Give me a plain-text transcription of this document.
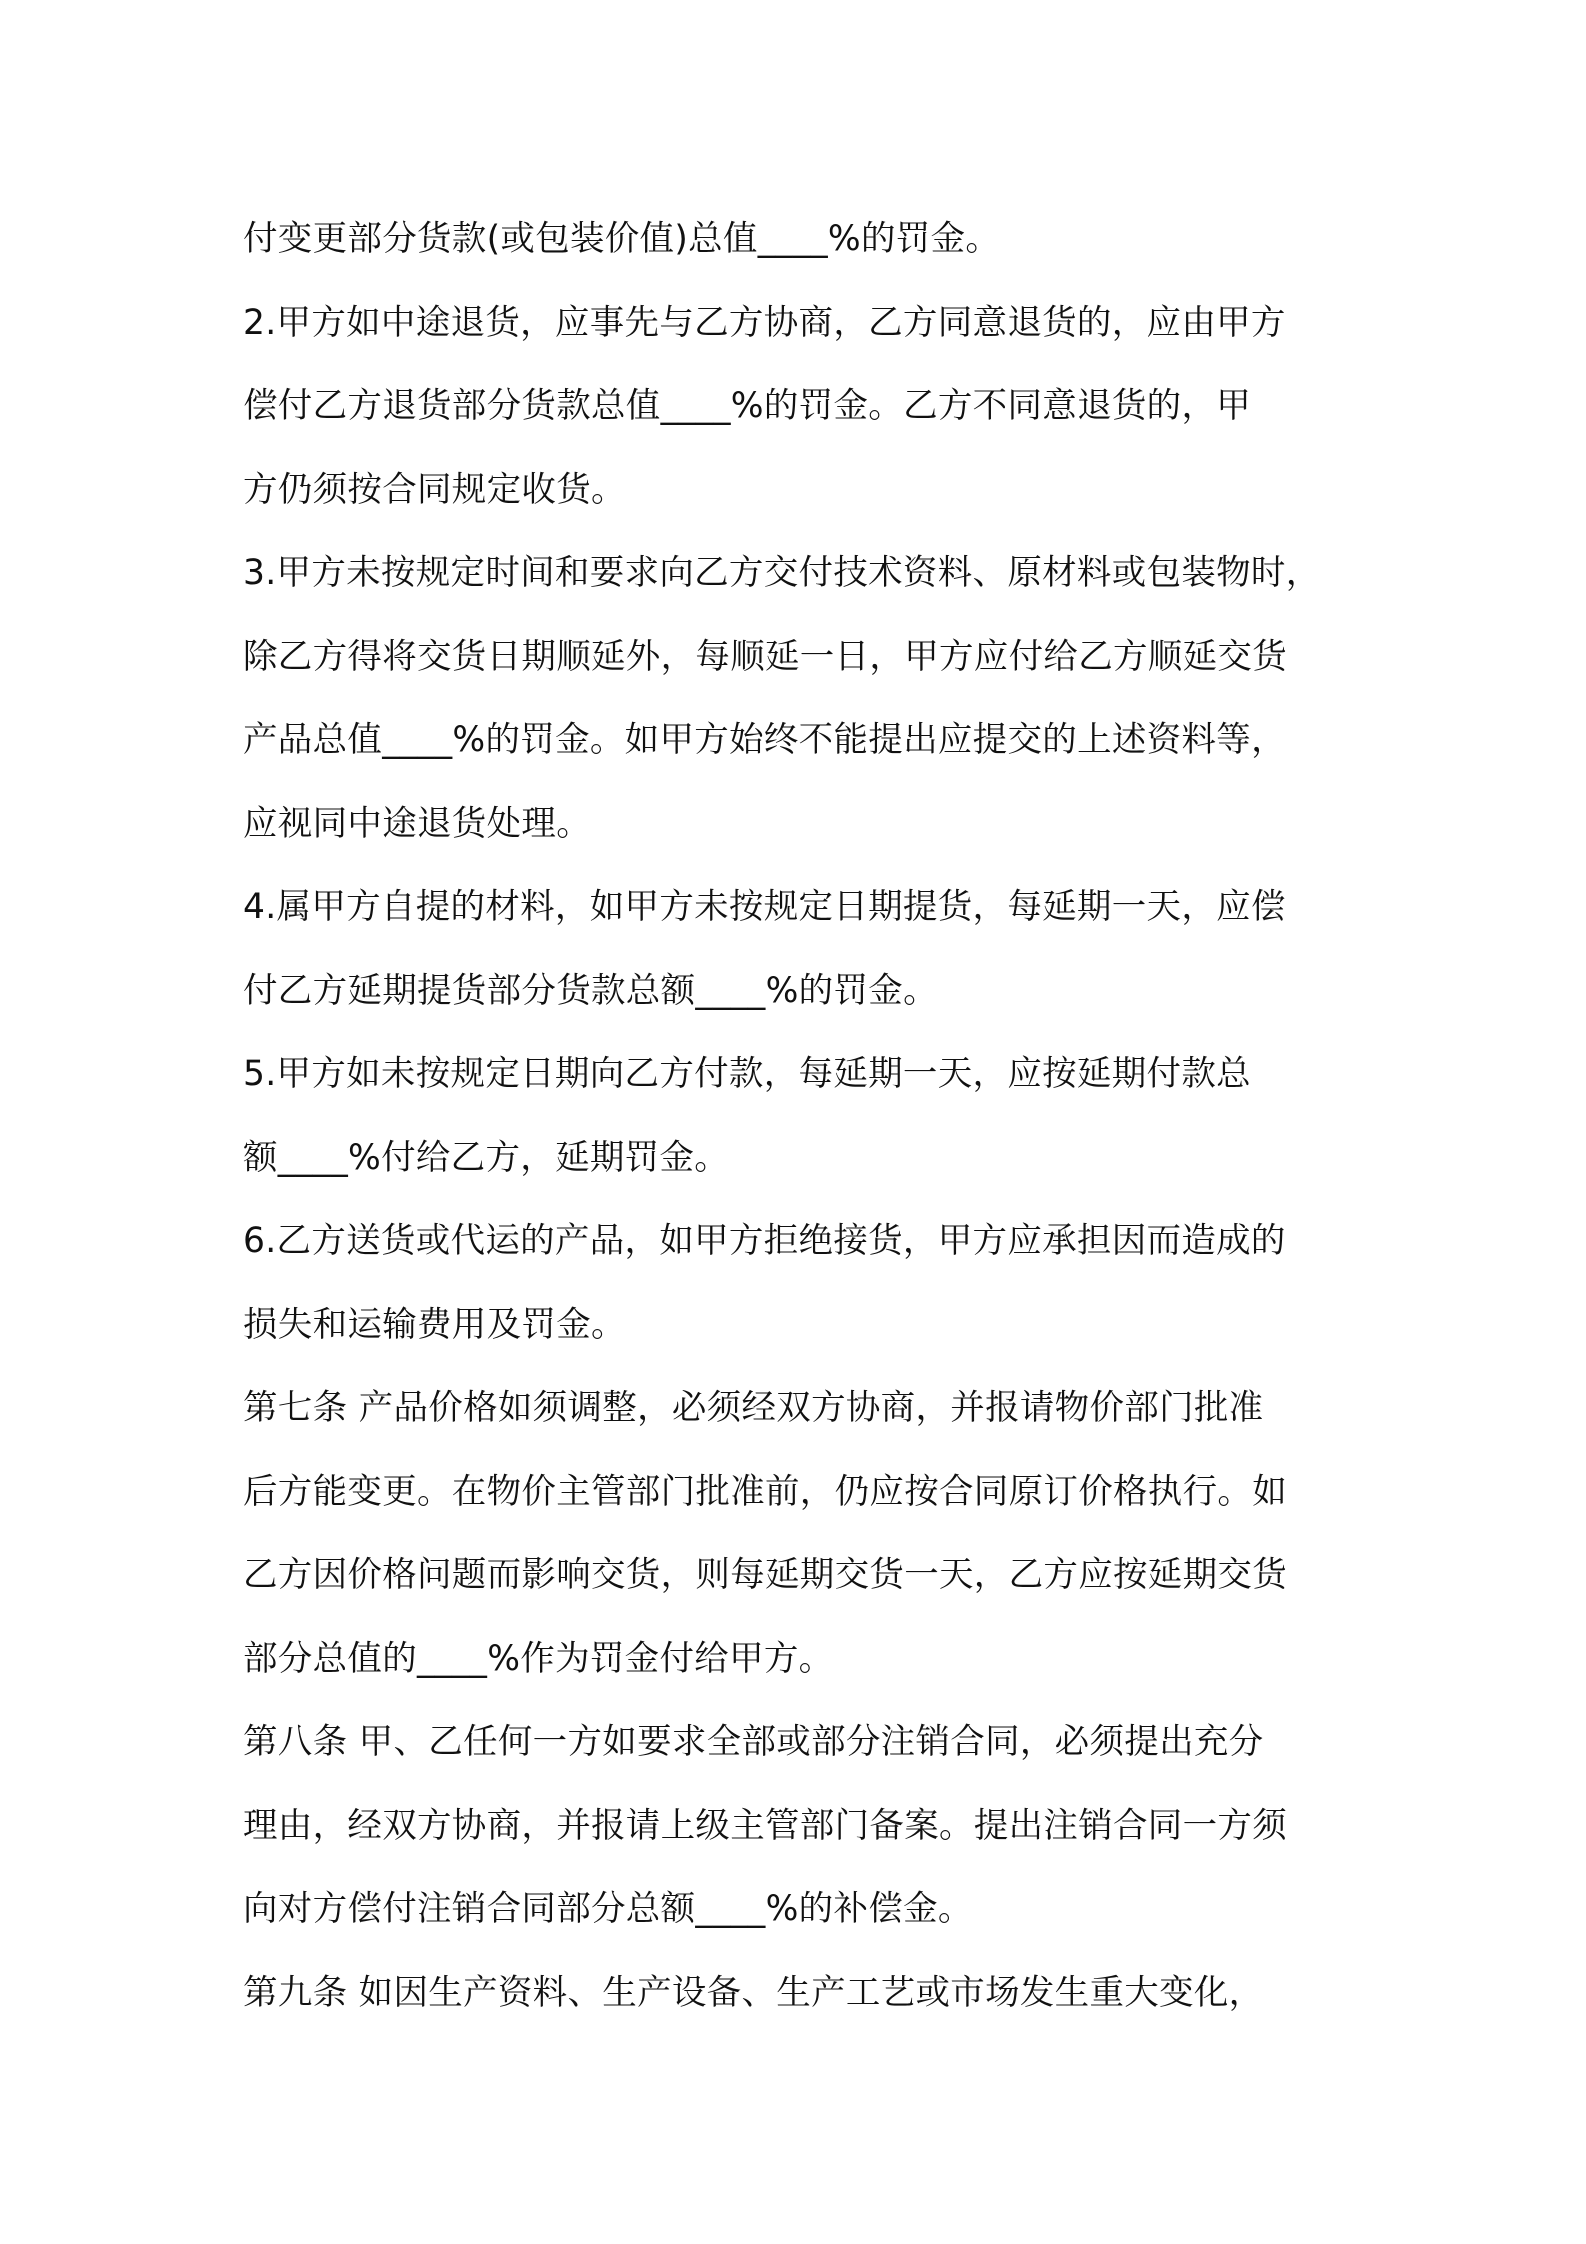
付变更部分货款(或包装价值)总值____%的罚金。
2.甲方如中途退货，应事先与乙方协商，乙方同意退货的，应由甲方
偿付乙方退货部分货款总值____%的罚金。乙方不同意退货的，甲
方仍须按合同规定收货。
3.甲方未按规定时间和要求向乙方交付技术资料、原材料或包装物时，
除乙方得将交货日期顺延外，每顺延一日，甲方应付给乙方顺延交货
产品总值____%的罚金。如甲方始终不能提出应提交的上述资料等，
应视同中途退货处理。
4.属甲方自提的材料，如甲方未按规定日期提货，每延期一天，应偿
付乙方延期提货部分货款总额____%的罚金。
5.甲方如未按规定日期向乙方付款，每延期一天，应按延期付款总
额____%付给乙方，延期罚金。
6.乙方送货或代运的产品，如甲方拒绝接货，甲方应承担因而造成的
损失和运输费用及罚金。
第七条 产品价格如须调整，必须经双方协商，并报请物价部门批准
后方能变更。在物价主管部门批准前，仍应按合同原订价格执行。如
乙方因价格问题而影响交货，则每延期交货一天，乙方应按延期交货
部分总值的____%作为罚金付给甲方。
第八条 甲、乙任何一方如要求全部或部分注销合同，必须提出充分
理由，经双方协商，并报请上级主管部门备案。提出注销合同一方须
向对方偿付注销合同部分总额____%的补偿金。
第九条 如因生产资料、生产设备、生产工艺或市场发生重大变化，
